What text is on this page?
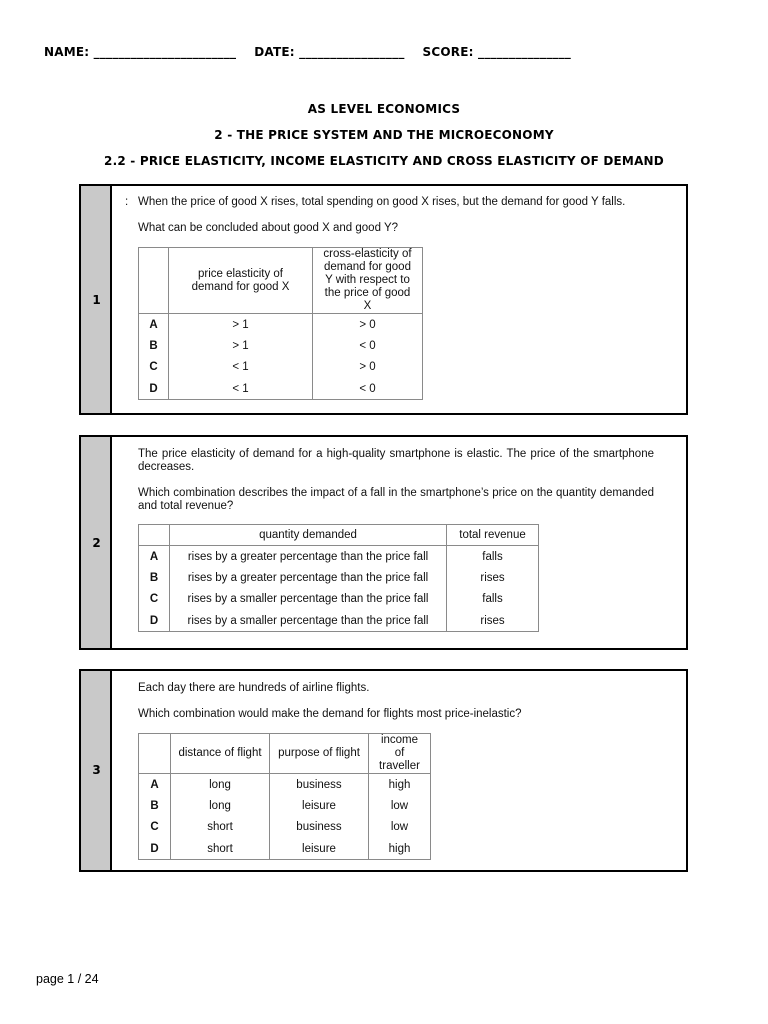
NAME: _______________________ DATE: _________________ SCORE: _______________
AS LEVEL ECONOMICS
2 - THE PRICE SYSTEM AND THE MICROECONOMY
2.2 - PRICE ELASTICITY, INCOME ELASTICITY AND CROSS ELASTICITY OF DEMAND
1
: When the price of good X rises, total spending on good X rises, but the demand for good Y falls.
What can be concluded about good X and good Y?
	price elasticity of demand for good X	cross-elasticity of demand for good Y with respect to the price of good X
A	> 1	> 0
B	> 1	< 0
C	< 1	> 0
D	< 1	< 0
2
The price elasticity of demand for a high-quality smartphone is elastic. The price of the smartphone decreases.
Which combination describes the impact of a fall in the smartphone’s price on the quantity demanded and total revenue?
	quantity demanded	total revenue
A	rises by a greater percentage than the price fall	falls
B	rises by a greater percentage than the price fall	rises
C	rises by a smaller percentage than the price fall	falls
D	rises by a smaller percentage than the price fall	rises
3
Each day there are hundreds of airline flights.
Which combination would make the demand for flights most price-inelastic?
	distance of flight	purpose of flight	income of traveller
A	long	business	high
B	long	leisure	low
C	short	business	low
D	short	leisure	high
page 1 / 24
